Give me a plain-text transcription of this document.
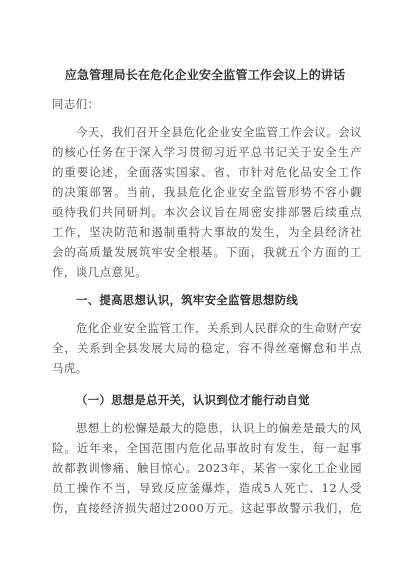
应急管理局长在危化企业安全监管工作会议上的讲话
同志们：
今天，我们召开全县危化企业安全监管工作会议。会议
的核心任务在于深入学习贯彻习近平总书记关于安全生产
的重要论述，全面落实国家、省、市针对危化品安全工作
的决策部署。当前，我县危化企业安全监管形势不容小觑
亟待我们共同研判。本次会议旨在周密安排部署后续重点
工作，坚决防范和遏制重特大事故的发生，为全县经济社
会的高质量发展筑牢安全根基。下面，我就五个方面的工
作，谈几点意见。
一、提高思想认识，筑牢安全监管思想防线
危化企业安全监管工作，关系到人民群众的生命财产安
全，关系到全县发展大局的稳定，容不得丝毫懈怠和半点
马虎。
（一）思想是总开关，认识到位才能行动自觉
思想上的松懈是最大的隐患，认识上的偏差是最大的风
险。近年来，全国范围内危化品事故时有发生，每一起事
故都教训惨痛、触目惊心。2023年，某省一家化工企业园
员工操作不当，导致反应釜爆炸，造成5人死亡、12人受
伤，直接经济损失超过2000万元。这起事故警示我们，危
